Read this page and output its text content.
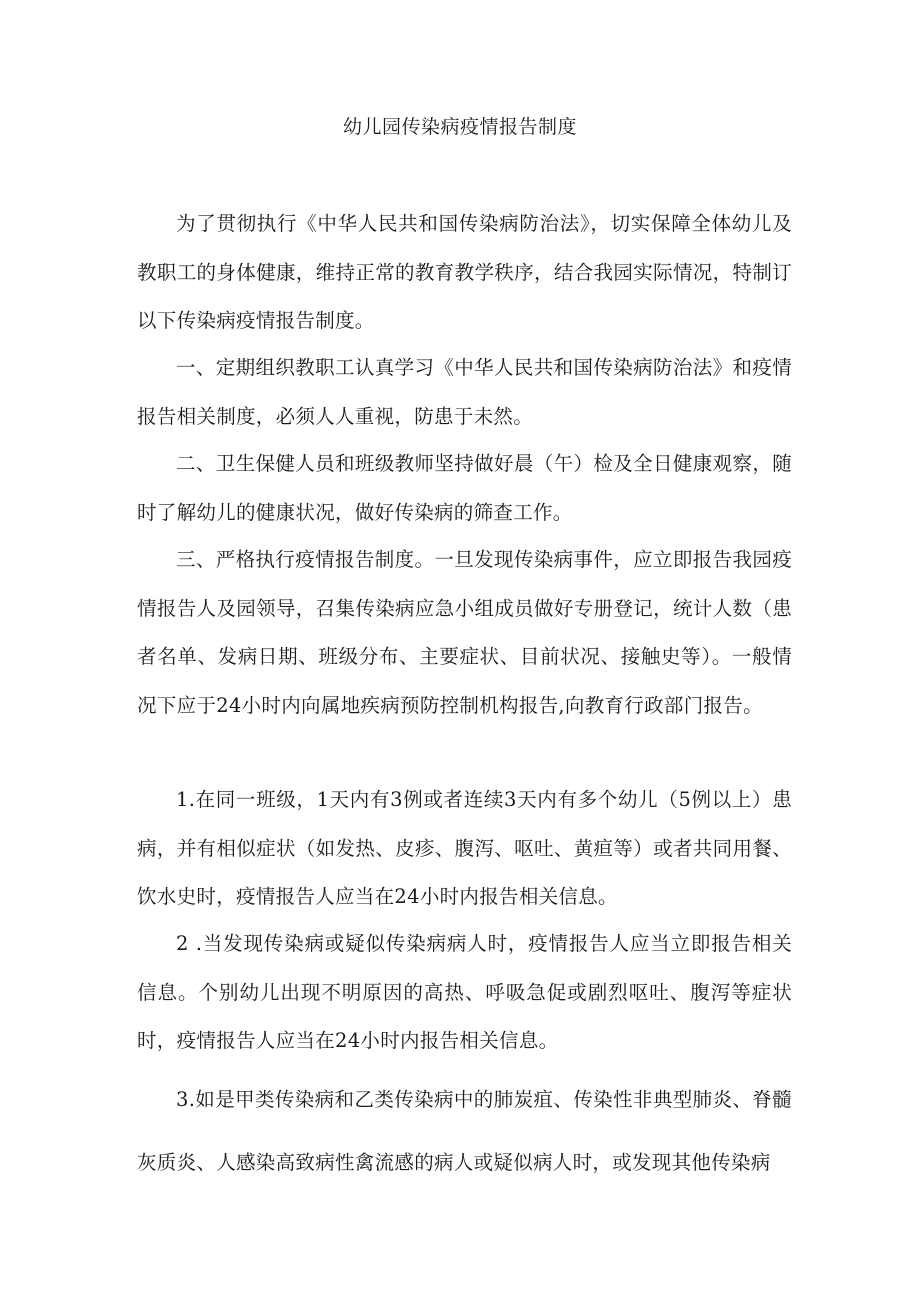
幼儿园传染病疫情报告制度

为了贯彻执行《中华人民共和国传染病防治法》，切实保障全体幼儿及教职工的身体健康，维持正常的教育教学秩序，结合我园实际情况，特制订以下传染病疫情报告制度。

一、定期组织教职工认真学习《中华人民共和国传染病防治法》和疫情报告相关制度，必须人人重视，防患于未然。

二、卫生保健人员和班级教师坚持做好晨（午）检及全日健康观察，随时了解幼儿的健康状况，做好传染病的筛查工作。

三、严格执行疫情报告制度。一旦发现传染病事件，应立即报告我园疫情报告人及园领导，召集传染病应急小组成员做好专册登记，统计人数（患者名单、发病日期、班级分布、主要症状、目前状况、接触史等）。一般情况下应于24小时内向属地疾病预防控制机构报告,向教育行政部门报告。

1.在同一班级，1天内有3例或者连续3天内有多个幼儿（5例以上）患病，并有相似症状（如发热、皮疹、腹泻、呕吐、黄疸等）或者共同用餐、饮水史时，疫情报告人应当在24小时内报告相关信息。

2 .当发现传染病或疑似传染病病人时，疫情报告人应当立即报告相关信息。个别幼儿出现不明原因的高热、呼吸急促或剧烈呕吐、腹泻等症状时，疫情报告人应当在24小时内报告相关信息。

3.如是甲类传染病和乙类传染病中的肺炭疽、传染性非典型肺炎、脊髓灰质炎、人感染高致病性禽流感的病人或疑似病人时，或发现其他传染病
